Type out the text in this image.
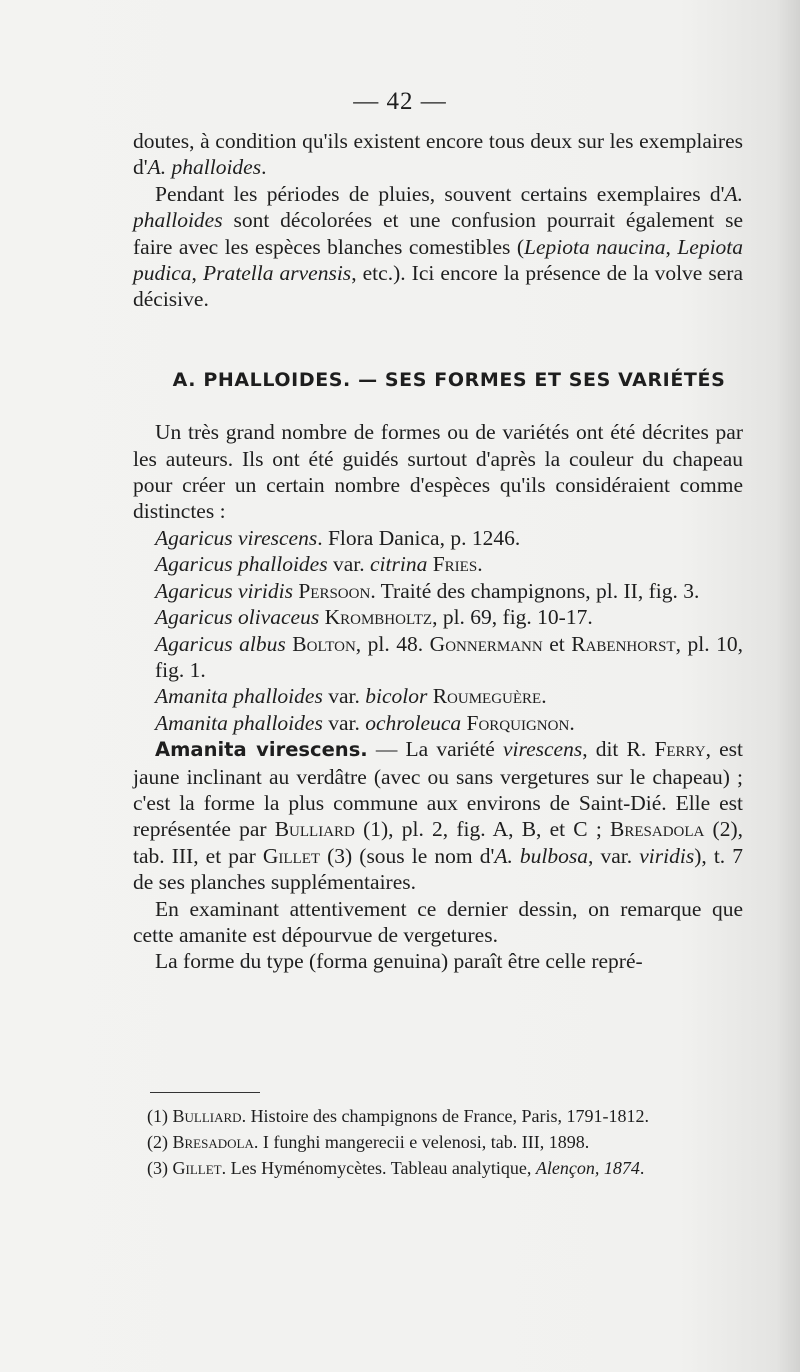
— 42 —

doutes, à condition qu'ils existent encore tous deux sur les exemplaires d'A. phalloides.

Pendant les périodes de pluies, souvent certains exemplaires d'A. phalloides sont décolorées et une confusion pourrait également se faire avec les espèces blanches comestibles (Lepiota naucina, Lepiota pudica, Pratella arvensis, etc.). Ici encore la présence de la volve sera décisive.

A. PHALLOIDES. — SES FORMES ET SES VARIÉTÉS

Un très grand nombre de formes ou de variétés ont été décrites par les auteurs. Ils ont été guidés surtout d'après la couleur du chapeau pour créer un certain nombre d'espèces qu'ils considéraient comme distinctes :

Agaricus virescens. Flora Danica, p. 1246.

Agaricus phalloides var. citrina Fries.

Agaricus viridis Persoon. Traité des champignons, pl. II, fig. 3.

Agaricus olivaceus Krombholtz, pl. 69, fig. 10-17.

Agaricus albus Bolton, pl. 48. Gonnermann et Rabenhorst, pl. 10, fig. 1.

Amanita phalloides var. bicolor Roumeguère.

Amanita phalloides var. ochroleuca Forquignon.

Amanita virescens. — La variété virescens, dit R. Ferry, est jaune inclinant au verdâtre (avec ou sans vergetures sur le chapeau) ; c'est la forme la plus commune aux environs de Saint-Dié. Elle est représentée par Bulliard (1), pl. 2, fig. A, B, et C ; Bresadola (2), tab. III, et par Gillet (3) (sous le nom d'A. bulbosa, var. viridis), t. 7 de ses planches supplémentaires.

En examinant attentivement ce dernier dessin, on remarque que cette amanite est dépourvue de vergetures.

La forme du type (forma genuina) paraît être celle repré-

(1) Bulliard. Histoire des champignons de France, Paris, 1791-1812.

(2) Bresadola. I funghi mangerecii e velenosi, tab. III, 1898.

(3) Gillet. Les Hyménomycètes. Tableau analytique, Alençon, 1874.
